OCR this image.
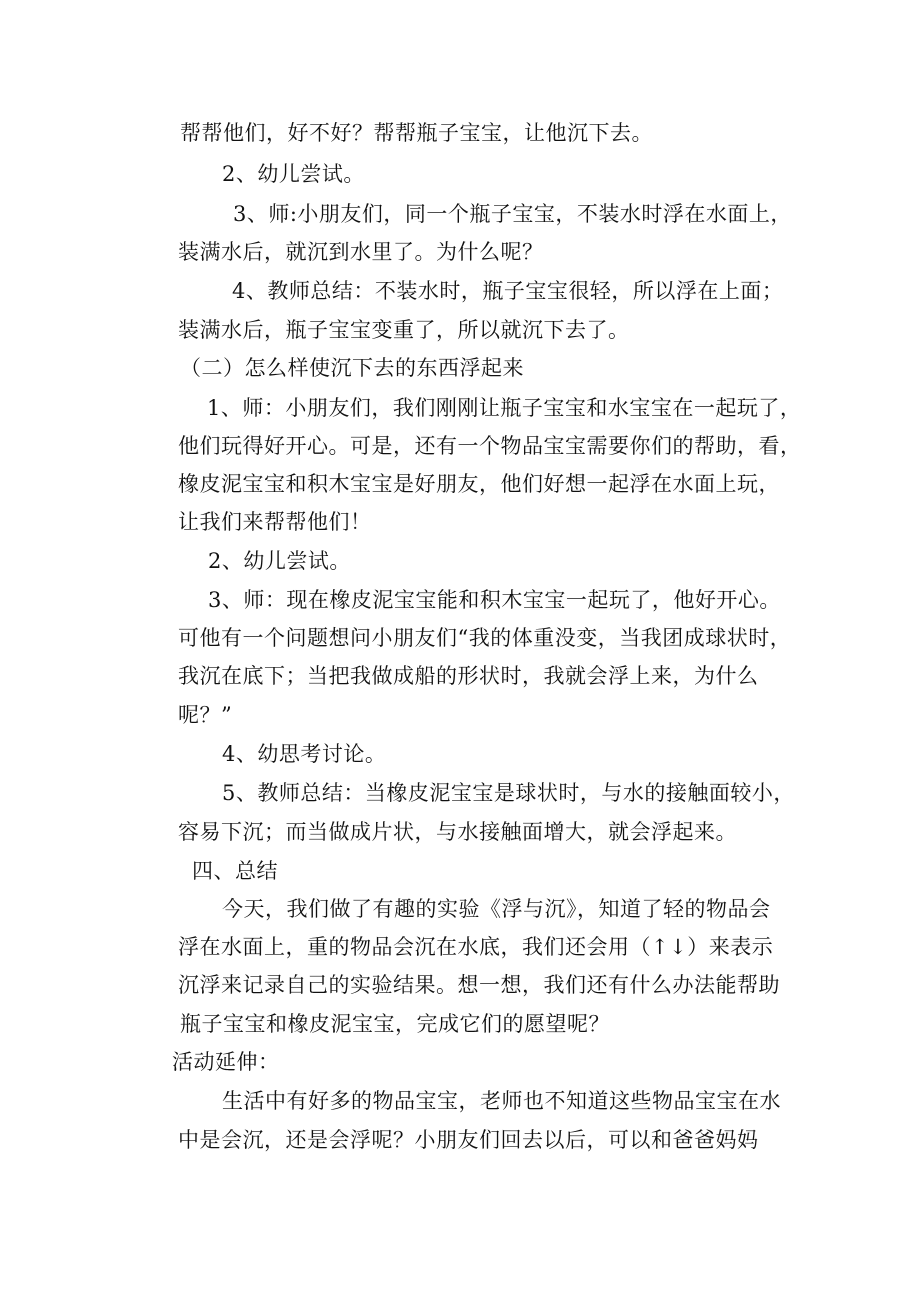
帮帮他们，好不好？帮帮瓶子宝宝，让他沉下去。
2、幼儿尝试。
3、师:小朋友们，同一个瓶子宝宝，不装水时浮在水面上，
装满水后，就沉到水里了。为什么呢？
4、教师总结：不装水时，瓶子宝宝很轻，所以浮在上面；
装满水后，瓶子宝宝变重了，所以就沉下去了。
（二）怎么样使沉下去的东西浮起来
1、师：小朋友们，我们刚刚让瓶子宝宝和水宝宝在一起玩了，
他们玩得好开心。可是，还有一个物品宝宝需要你们的帮助，看，
橡皮泥宝宝和积木宝宝是好朋友，他们好想一起浮在水面上玩，
让我们来帮帮他们！
2、幼儿尝试。
3、师：现在橡皮泥宝宝能和积木宝宝一起玩了，他好开心。
可他有一个问题想问小朋友们“我的体重没变，当我团成球状时，
我沉在底下；当把我做成船的形状时，我就会浮上来，为什么
呢？”
4、幼思考讨论。
5、教师总结：当橡皮泥宝宝是球状时，与水的接触面较小，
容易下沉；而当做成片状，与水接触面增大，就会浮起来。
四、总结
今天，我们做了有趣的实验《浮与沉》，知道了轻的物品会
浮在水面上，重的物品会沉在水底，我们还会用（↑↓）来表示
沉浮来记录自己的实验结果。想一想，我们还有什么办法能帮助
瓶子宝宝和橡皮泥宝宝，完成它们的愿望呢？
活动延伸：
生活中有好多的物品宝宝，老师也不知道这些物品宝宝在水
中是会沉，还是会浮呢？小朋友们回去以后，可以和爸爸妈妈
